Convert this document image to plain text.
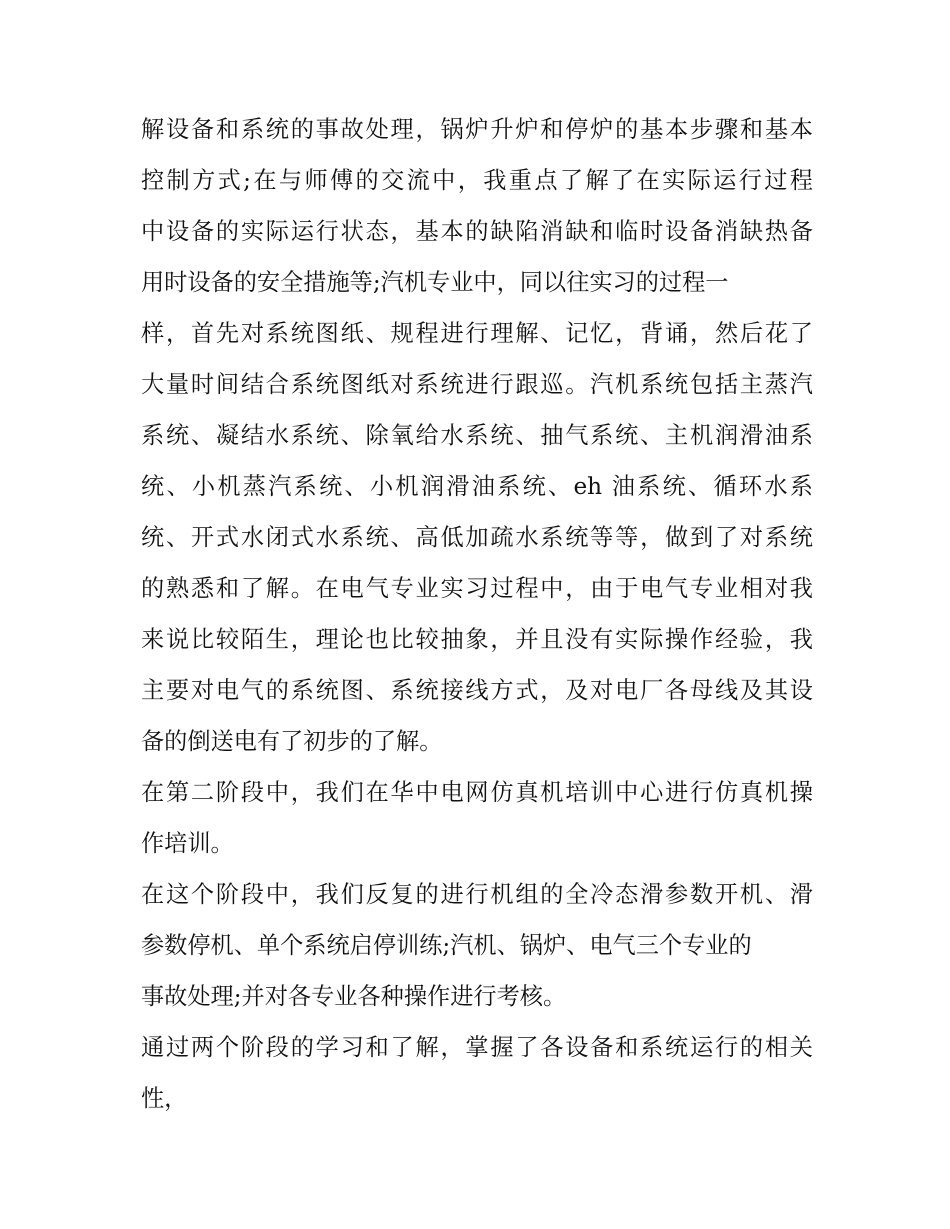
解设备和系统的事故处理，锅炉升炉和停炉的基本步骤和基本
控制方式;在与师傅的交流中，我重点了解了在实际运行过程
中设备的实际运行状态，基本的缺陷消缺和临时设备消缺热备
用时设备的安全措施等;汽机专业中，同以往实习的过程一
样，首先对系统图纸、规程进行理解、记忆，背诵，然后花了
大量时间结合系统图纸对系统进行跟巡。汽机系统包括主蒸汽
系统、凝结水系统、除氧给水系统、抽气系统、主机润滑油系
统、小机蒸汽系统、小机润滑油系统、eh 油系统、循环水系
统、开式水闭式水系统、高低加疏水系统等等，做到了对系统
的熟悉和了解。在电气专业实习过程中，由于电气专业相对我
来说比较陌生，理论也比较抽象，并且没有实际操作经验，我
主要对电气的系统图、系统接线方式，及对电厂各母线及其设
备的倒送电有了初步的了解。
在第二阶段中，我们在华中电网仿真机培训中心进行仿真机操
作培训。
在这个阶段中，我们反复的进行机组的全冷态滑参数开机、滑
参数停机、单个系统启停训练;汽机、锅炉、电气三个专业的
事故处理;并对各专业各种操作进行考核。
通过两个阶段的学习和了解，掌握了各设备和系统运行的相关
性，
